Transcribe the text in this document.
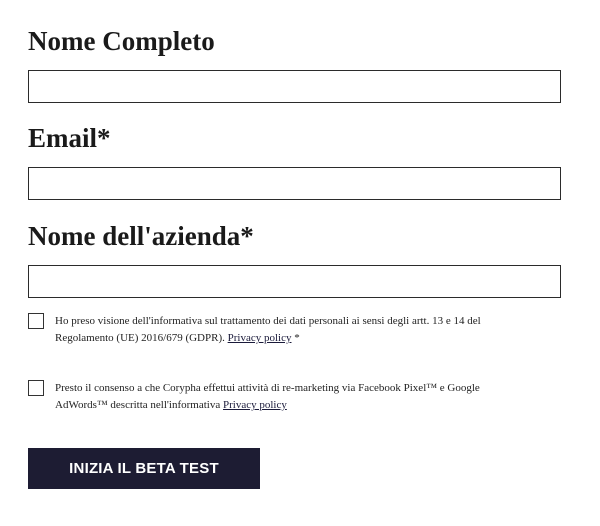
Nome Completo
Email*
Nome dell'azienda*
Ho preso visione dell'informativa sul trattamento dei dati personali ai sensi degli artt. 13 e 14 del Regolamento (UE) 2016/679 (GDPR). Privacy policy *
Presto il consenso a che Corypha effettui attività di re-marketing via Facebook Pixel™ e Google AdWords™ descritta nell'informativa Privacy policy
INIZIA IL BETA TEST
